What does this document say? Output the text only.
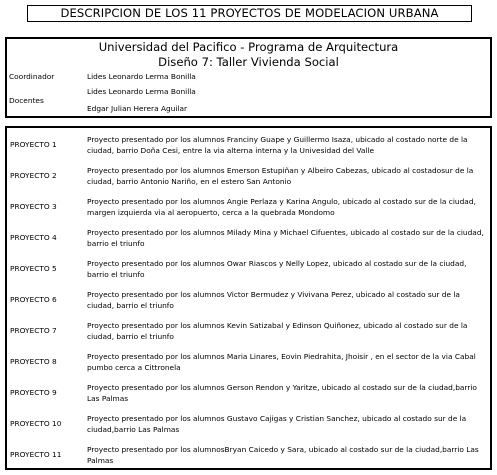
DESCRIPCION DE LOS 11 PROYECTOS DE MODELACION URBANA
Universidad del Pacifico - Programa de Arquitectura
Diseño 7: Taller Vivienda Social
Coordinador	Lides Leonardo Lerma Bonilla
Docentes
Lides Leonardo Lerma Bonilla
Edgar Julian Herera Aguilar
PROYECTO 1
Proyecto presentado por los alumnos Franciny Guape y Guillermo Isaza, ubicado al costado norte de la ciudad, barrio Doña Cesi, entre la via alterna interna y la Univesidad del Valle
PROYECTO 2
Proyecto presentado por los alumnos Emerson Estupiñan y Albeiro Cabezas, ubicado al costadosur de la ciudad, barrio Antonio Nariño, en el estero San Antonio
PROYECTO 3
Proyecto presentado por los alumnos Angie Perlaza y Karina Angulo, ubicado al costado sur de la ciudad, margen izquierda via al aeropuerto, cerca a la quebrada Mondomo
PROYECTO 4
Proyecto presentado por los alumnos Milady Mina y Michael Cifuentes, ubicado al costado sur de la ciudad, barrio el triunfo
PROYECTO 5
Proyecto presentado por los alumnos Owar Riascos y Nelly Lopez, ubicado al costado sur de la ciudad, barrio el triunfo
PROYECTO 6
Proyecto presentado por los alumnos Victor Bermudez y Vivivana Perez, ubicado al costado sur de la ciudad, barrio el triunfo
PROYECTO 7
Proyecto presentado por los alumnos Kevin Satizabal y Edinson Quiñonez, ubicado al costado sur de la ciudad, barrio el triunfo
PROYECTO 8
Proyecto presentado por los alumnos Maria Linares, Eovin Piedrahita, Jhoisir , en el sector de la via Cabal pumbo cerca a Cittronela
PROYECTO 9
Proyecto presentado por los alumnos Gerson Rendon y Yaritze, ubicado al costado sur de la ciudad,barrio Las Palmas
PROYECTO 10
Proyecto presentado por los alumnos Gustavo Cajigas y Cristian Sanchez, ubicado al costado sur de la ciudad,barrio Las Palmas
PROYECTO 11
Proyecto presentado por los alumnosBryan Caicedo y Sara, ubicado al costado sur de la ciudad,barrio Las Palmas
